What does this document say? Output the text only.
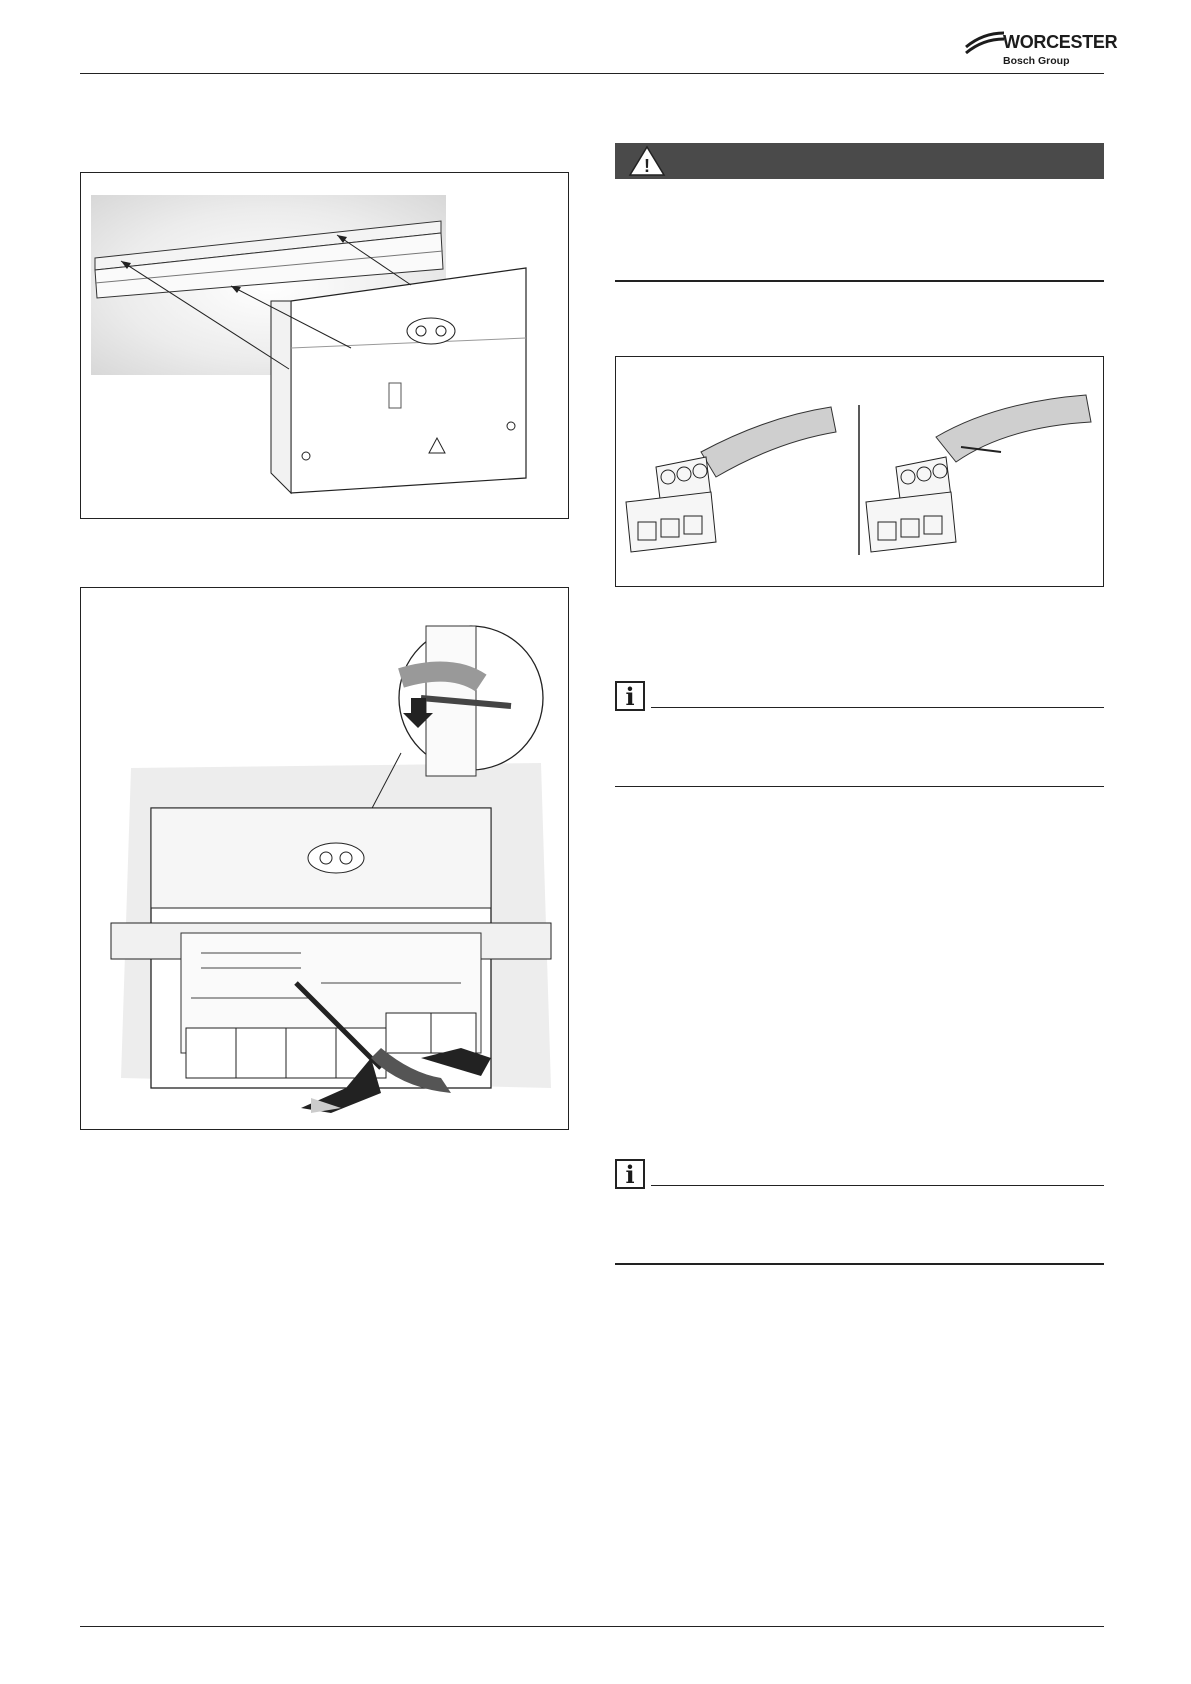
WORCESTER
Bosch Group
!
i
i
